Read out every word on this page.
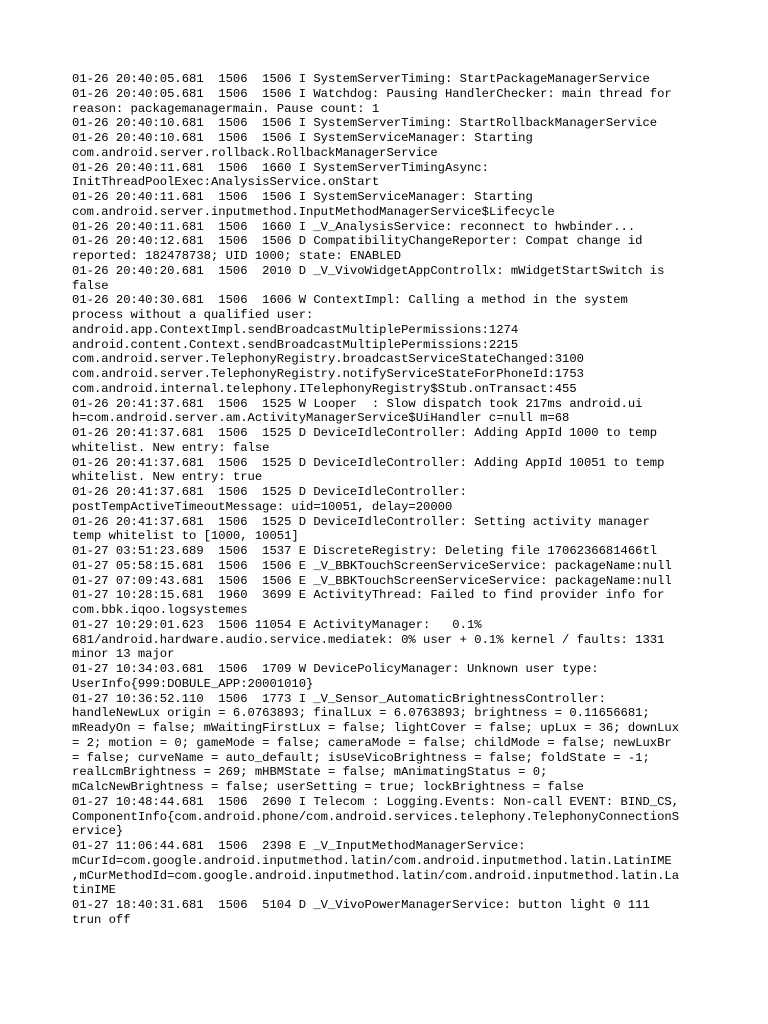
01-26 20:40:05.681  1506  1506 I SystemServerTiming: StartPackageManagerService
01-26 20:40:05.681  1506  1506 I Watchdog: Pausing HandlerChecker: main thread for
reason: packagemanagermain. Pause count: 1
01-26 20:40:10.681  1506  1506 I SystemServerTiming: StartRollbackManagerService
01-26 20:40:10.681  1506  1506 I SystemServiceManager: Starting
com.android.server.rollback.RollbackManagerService
01-26 20:40:11.681  1506  1660 I SystemServerTimingAsync:
InitThreadPoolExec:AnalysisService.onStart
01-26 20:40:11.681  1506  1506 I SystemServiceManager: Starting
com.android.server.inputmethod.InputMethodManagerService$Lifecycle
01-26 20:40:11.681  1506  1660 I _V_AnalysisService: reconnect to hwbinder...
01-26 20:40:12.681  1506  1506 D CompatibilityChangeReporter: Compat change id
reported: 182478738; UID 1000; state: ENABLED
01-26 20:40:20.681  1506  2010 D _V_VivoWidgetAppControllx: mWidgetStartSwitch is
false
01-26 20:40:30.681  1506  1606 W ContextImpl: Calling a method in the system
process without a qualified user:
android.app.ContextImpl.sendBroadcastMultiplePermissions:1274
android.content.Context.sendBroadcastMultiplePermissions:2215
com.android.server.TelephonyRegistry.broadcastServiceStateChanged:3100
com.android.server.TelephonyRegistry.notifyServiceStateForPhoneId:1753
com.android.internal.telephony.ITelephonyRegistry$Stub.onTransact:455
01-26 20:41:37.681  1506  1525 W Looper  : Slow dispatch took 217ms android.ui
h=com.android.server.am.ActivityManagerService$UiHandler c=null m=68
01-26 20:41:37.681  1506  1525 D DeviceIdleController: Adding AppId 1000 to temp
whitelist. New entry: false
01-26 20:41:37.681  1506  1525 D DeviceIdleController: Adding AppId 10051 to temp
whitelist. New entry: true
01-26 20:41:37.681  1506  1525 D DeviceIdleController:
postTempActiveTimeoutMessage: uid=10051, delay=20000
01-26 20:41:37.681  1506  1525 D DeviceIdleController: Setting activity manager
temp whitelist to [1000, 10051]
01-27 03:51:23.689  1506  1537 E DiscreteRegistry: Deleting file 1706236681466tl
01-27 05:58:15.681  1506  1506 E _V_BBKTouchScreenServiceService: packageName:null
01-27 07:09:43.681  1506  1506 E _V_BBKTouchScreenServiceService: packageName:null
01-27 10:28:15.681  1960  3699 E ActivityThread: Failed to find provider info for
com.bbk.iqoo.logsystemes
01-27 10:29:01.623  1506 11054 E ActivityManager:   0.1%
681/android.hardware.audio.service.mediatek: 0% user + 0.1% kernel / faults: 1331
minor 13 major
01-27 10:34:03.681  1506  1709 W DevicePolicyManager: Unknown user type:
UserInfo{999:DOBULE_APP:20001010}
01-27 10:36:52.110  1506  1773 I _V_Sensor_AutomaticBrightnessController:
handleNewLux origin = 6.0763893; finalLux = 6.0763893; brightness = 0.11656681;
mReadyOn = false; mWaitingFirstLux = false; lightCover = false; upLux = 36; downLux
= 2; motion = 0; gameMode = false; cameraMode = false; childMode = false; newLuxBr
= false; curveName = auto_default; isUseVicoBrightness = false; foldState = -1;
realLcmBrightness = 269; mHBMState = false; mAnimatingStatus = 0;
mCalcNewBrightness = false; userSetting = true; lockBrightness = false
01-27 10:48:44.681  1506  2690 I Telecom : Logging.Events: Non-call EVENT: BIND_CS,
ComponentInfo{com.android.phone/com.android.services.telephony.TelephonyConnectionS
ervice}
01-27 11:06:44.681  1506  2398 E _V_InputMethodManagerService:
mCurId=com.google.android.inputmethod.latin/com.android.inputmethod.latin.LatinIME
,mCurMethodId=com.google.android.inputmethod.latin/com.android.inputmethod.latin.La
tinIME
01-27 18:40:31.681  1506  5104 D _V_VivoPowerManagerService: button light 0 111
trun off
